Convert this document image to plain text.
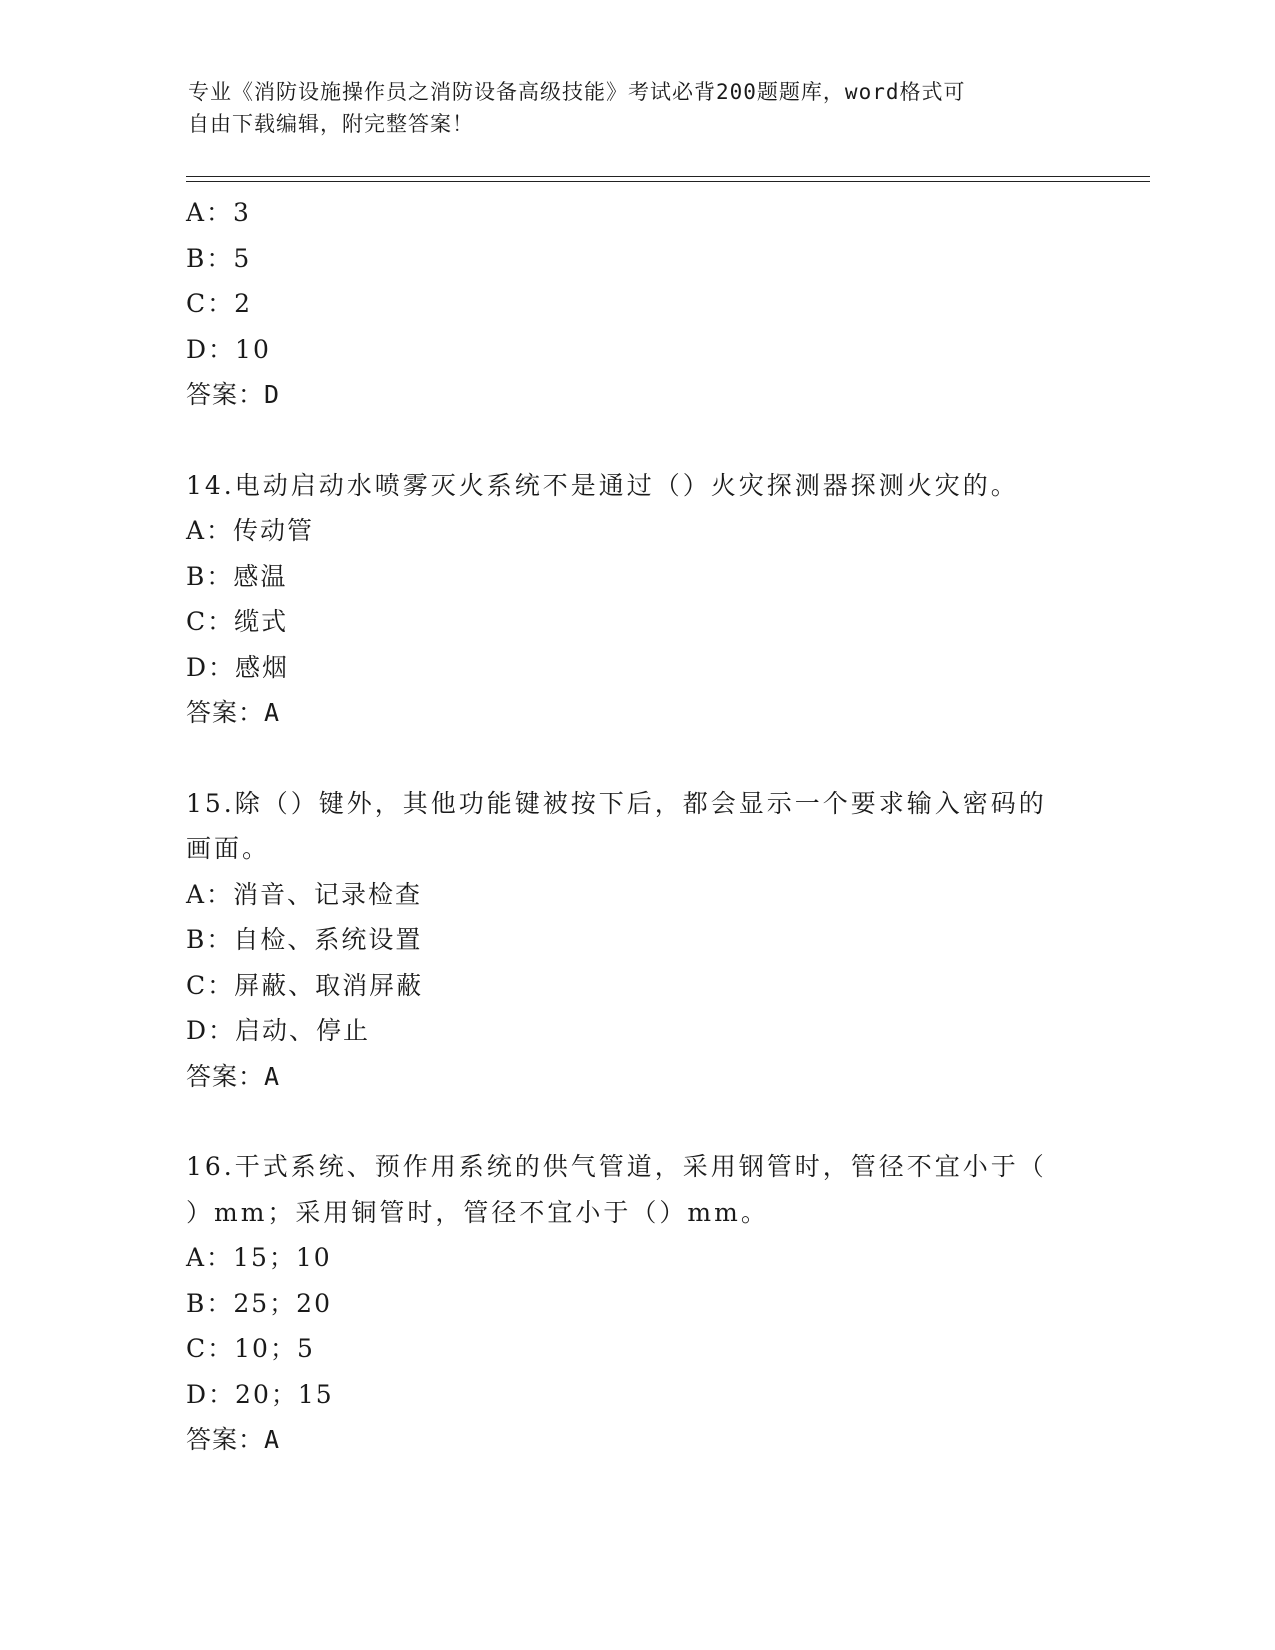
专业《消防设施操作员之消防设备高级技能》考试必背200题题库，word格式可
自由下载编辑，附完整答案！
A：3
B：5
C：2
D：10
答案：D
14.电动启动水喷雾灭火系统不是通过（）火灾探测器探测火灾的。
A：传动管
B：感温
C：缆式
D：感烟
答案：A
15.除（）键外，其他功能键被按下后，都会显示一个要求输入密码的
画面。
A：消音、记录检查
B：自检、系统设置
C：屏蔽、取消屏蔽
D：启动、停止
答案：A
16.干式系统、预作用系统的供气管道，采用钢管时，管径不宜小于（
）mm；采用铜管时，管径不宜小于（）mm。
A：15；10
B：25；20
C：10；5
D：20；15
答案：A
